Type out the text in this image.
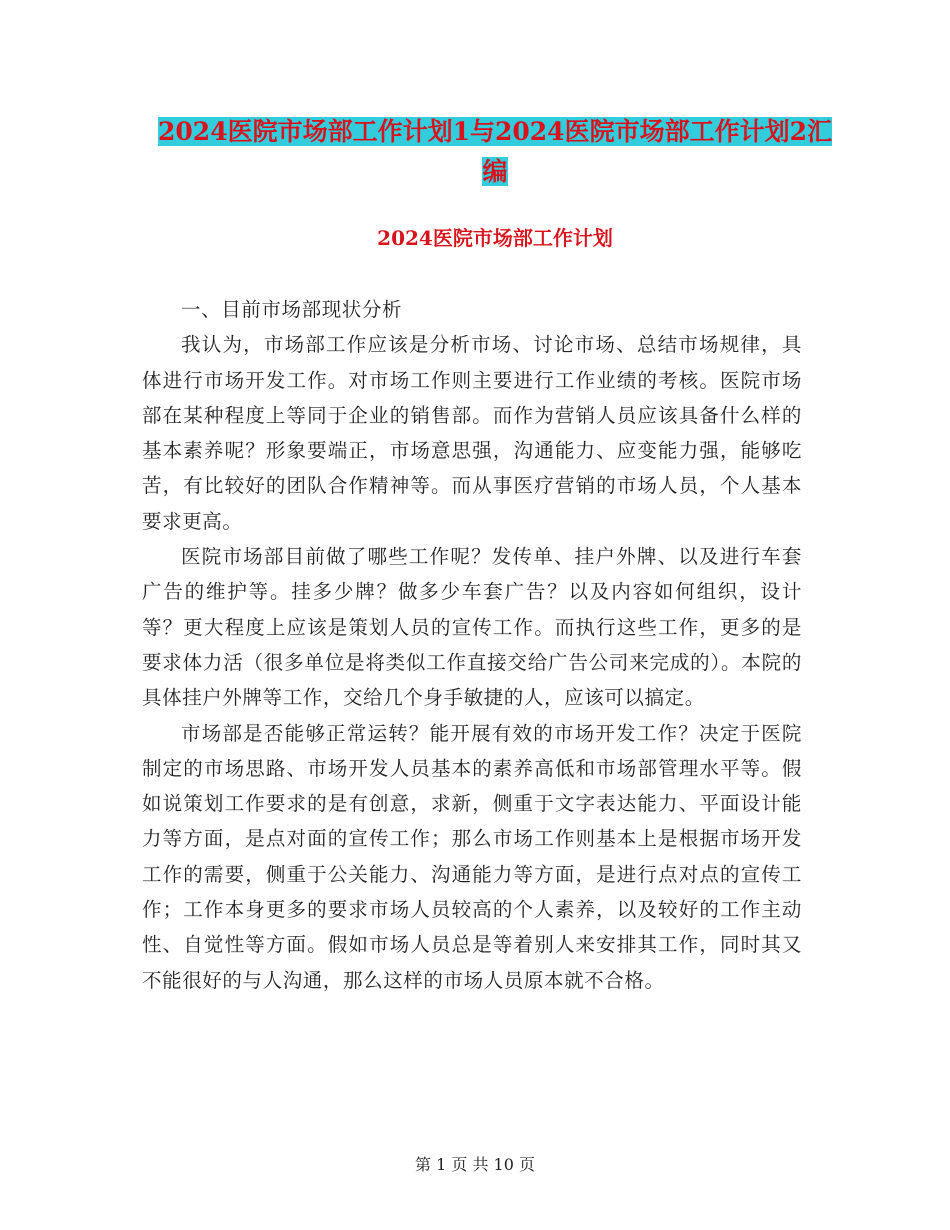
2024医院市场部工作计划1与2024医院市场部工作计划2汇编
2024医院市场部工作计划

一、目前市场部现状分析

我认为，市场部工作应该是分析市场、讨论市场、总结市场规律，具体进行市场开发工作。对市场工作则主要进行工作业绩的考核。医院市场部在某种程度上等同于企业的销售部。而作为营销人员应该具备什么样的基本素养呢？形象要端正，市场意思强，沟通能力、应变能力强，能够吃苦，有比较好的团队合作精神等。而从事医疗营销的市场人员，个人基本要求更高。

医院市场部目前做了哪些工作呢？发传单、挂户外牌、以及进行车套广告的维护等。挂多少牌？做多少车套广告？以及内容如何组织，设计等？更大程度上应该是策划人员的宣传工作。而执行这些工作，更多的是要求体力活（很多单位是将类似工作直接交给广告公司来完成的）。本院的具体挂户外牌等工作，交给几个身手敏捷的人，应该可以搞定。

市场部是否能够正常运转？能开展有效的市场开发工作？决定于医院制定的市场思路、市场开发人员基本的素养高低和市场部管理水平等。假如说策划工作要求的是有创意，求新，侧重于文字表达能力、平面设计能力等方面，是点对面的宣传工作；那么市场工作则基本上是根据市场开发工作的需要，侧重于公关能力、沟通能力等方面，是进行点对点的宣传工作；工作本身更多的要求市场人员较高的个人素养，以及较好的工作主动性、自觉性等方面。假如市场人员总是等着别人来安排其工作，同时其又不能很好的与人沟通，那么这样的市场人员原本就不合格。

第 1 页 共 10 页
